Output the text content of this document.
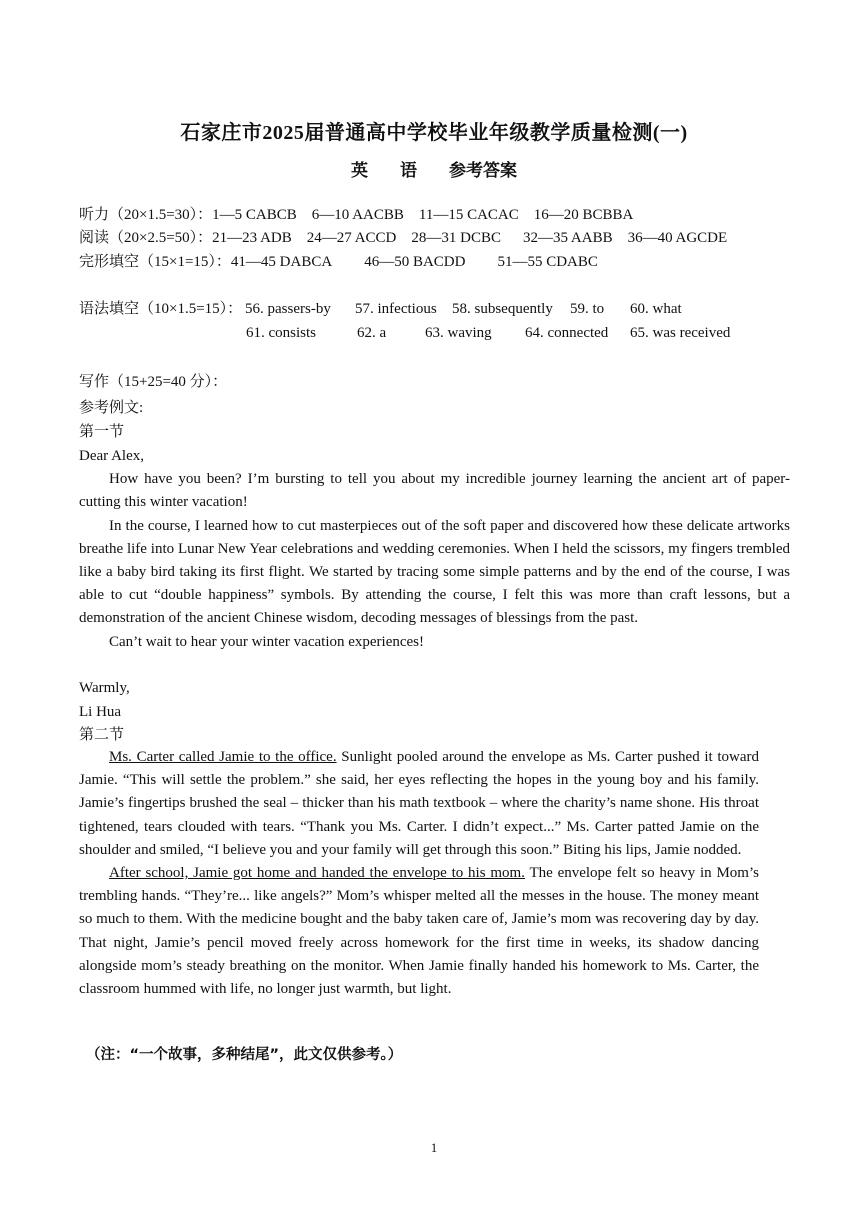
石家庄市2025届普通高中学校毕业年级教学质量检测(一)
英 语 参考答案
听力（20×1.5=30）：1—5 CABCB 6—10 AACBB 11—15 CACAC 16—20 BCBBA
阅读（20×2.5=50）：21—23 ADB 24—27 ACCD 28—31 DCBC 32—35 AABB 36—40 AGCDE
完形填空（15×1=15）：41—45 DABCA 46—50 BACDD 51—55 CDABC
语法填空（10×1.5=15）： 56. passers-by 57. infectious 58. subsequently 59. to 60. what
61. consists	62. a	63. waving 64. connected 65. was received
写作（15+25=40 分）：
参考例文:
第一节

Dear Alex,

How have you been? I’m bursting to tell you about my incredible journey learning the ancient art of paper-cutting this winter vacation!

In the course, I learned how to cut masterpieces out of the soft paper and discovered how these delicate artworks breathe life into Lunar New Year celebrations and wedding ceremonies. When I held the scissors, my fingers trembled like a baby bird taking its first flight. We started by tracing some simple patterns and by the end of the course, I was able to cut “double happiness” symbols. By attending the course, I felt this was more than craft lessons, but a demonstration of the ancient Chinese wisdom, decoding messages of blessings from the past.

Can’t wait to hear your winter vacation experiences!

Warmly,
Li Hua
第二节

Ms. Carter called Jamie to the office. Sunlight pooled around the envelope as Ms. Carter pushed it toward Jamie. “This will settle the problem.” she said, her eyes reflecting the hopes in the young boy and his family. Jamie’s fingertips brushed the seal – thicker than his math textbook – where the charity’s name shone. His throat tightened, tears clouded with tears. “Thank you Ms. Carter. I didn’t expect...” Ms. Carter patted Jamie on the shoulder and smiled, “I believe you and your family will get through this soon.” Biting his lips, Jamie nodded.

After school, Jamie got home and handed the envelope to his mom. The envelope felt so heavy in Mom’s trembling hands. “They’re... like angels?” Mom’s whisper melted all the messes in the house. The money meant so much to them. With the medicine bought and the baby taken care of, Jamie’s mom was recovering day by day. That night, Jamie’s pencil moved freely across homework for the first time in weeks, its shadow dancing alongside mom’s steady breathing on the monitor. When Jamie finally handed his homework to Ms. Carter, the classroom hummed with life, no longer just warmth, but light.

（注：“一个故事，多种结尾”，此文仅供参考。）
1
